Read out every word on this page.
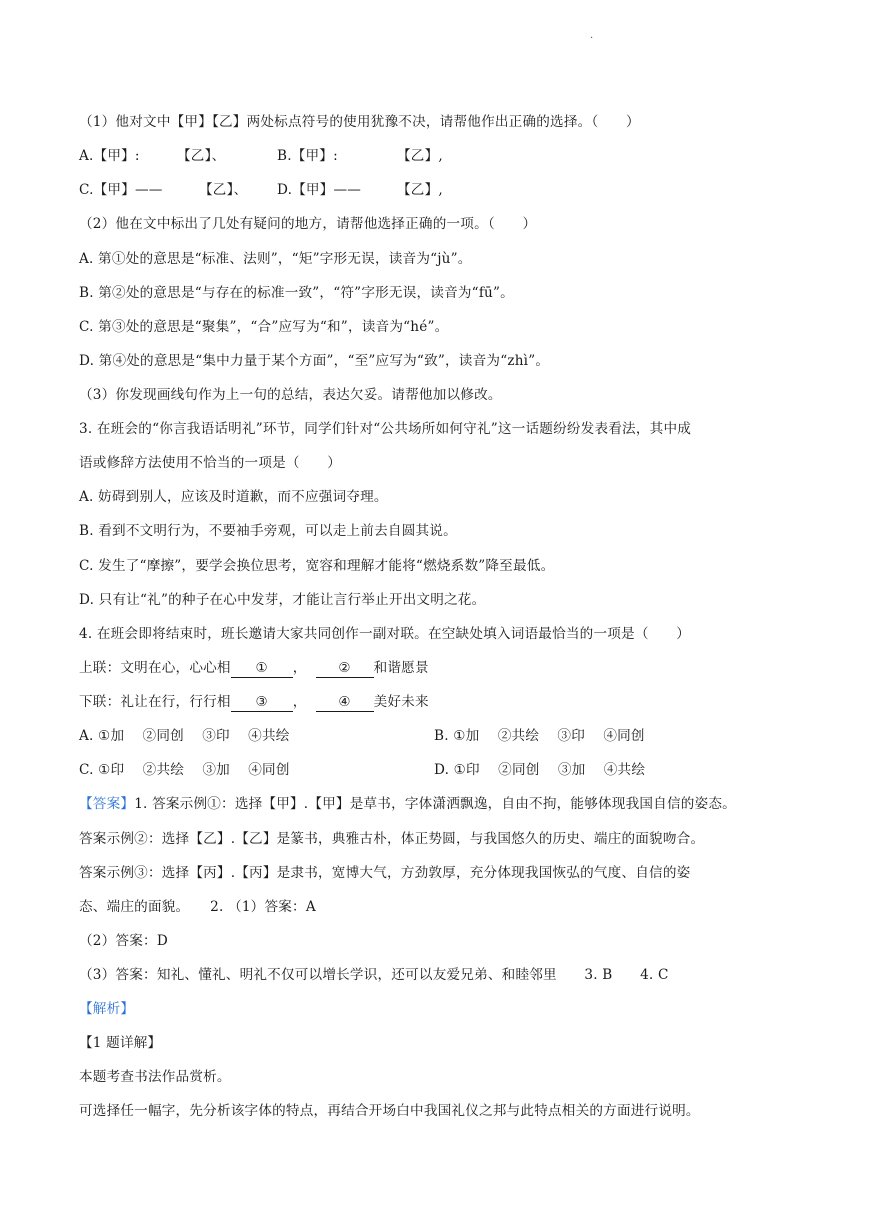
.
（1）他对文中【甲】【乙】两处标点符号的使用犹豫不决，请帮他作出正确的选择。（　　）
A.【甲】:	【乙】、	B.【甲】:	【乙】,
C.【甲】——	【乙】、 D.【甲】——	【乙】,
（2）他在文中标出了几处有疑问的地方，请帮他选择正确的一项。（　　）
A. 第①处的意思是“标准、法则”，“矩”字形无误，读音为“jù”。
B. 第②处的意思是“与存在的标准一致”，“符”字形无误，读音为“fū”。
C. 第③处的意思是“聚集”，“合”应写为“和”，读音为“hé”。
D. 第④处的意思是“集中力量于某个方面”，“至”应写为“致”，读音为“zhì”。
（3）你发现画线句作为上一句的总结，表达欠妥。请帮他加以修改。
3. 在班会的“你言我语话明礼”环节，同学们针对“公共场所如何守礼”这一话题纷纷发表看法，其中成
语或修辞方法使用不恰当的一项是（　　）
A. 妨碍到别人，应该及时道歉，而不应强词夺理。
B. 看到不文明行为，不要袖手旁观，可以走上前去自圆其说。
C. 发生了“摩擦”，要学会换位思考，宽容和理解才能将“燃烧系数”降至最低。
D. 只有让“礼”的种子在心中发芽，才能让言行举止开出文明之花。
4. 在班会即将结束时，班长邀请大家共同创作一副对联。在空缺处填入词语最恰当的一项是（　　）
上联：文明在心，心心相 ① ， ② 和谐愿景
下联：礼让在行，行行相 ③ ， ④ 美好未来
A. ①加　 ②同创　 ③印　 ④共绘	B. ①加　 ②共绘　 ③印　 ④同创
C. ①印　 ②共绘　 ③加　 ④同创	D. ①印　 ②同创　 ③加　 ④共绘
【答案】1. 答案示例①：选择【甲】.【甲】是草书，字体潇洒飘逸，自由不拘，能够体现我国自信的姿态。
答案示例②：选择【乙】.【乙】是篆书，典雅古朴，体正势圆，与我国悠久的历史、端庄的面貌吻合。
答案示例③：选择【丙】.【丙】是隶书，宽博大气，方劲敦厚，充分体现我国恢弘的气度、自信的姿
态、端庄的面貌。　　2. （1）答案：A
（2）答案：D
（3）答案：知礼、懂礼、明礼不仅可以增长学识，还可以友爱兄弟、和睦邻里　　3. B　　4. C
【解析】
【1 题详解】
本题考查书法作品赏析。
可选择任一幅字，先分析该字体的特点，再结合开场白中我国礼仪之邦与此特点相关的方面进行说明。
